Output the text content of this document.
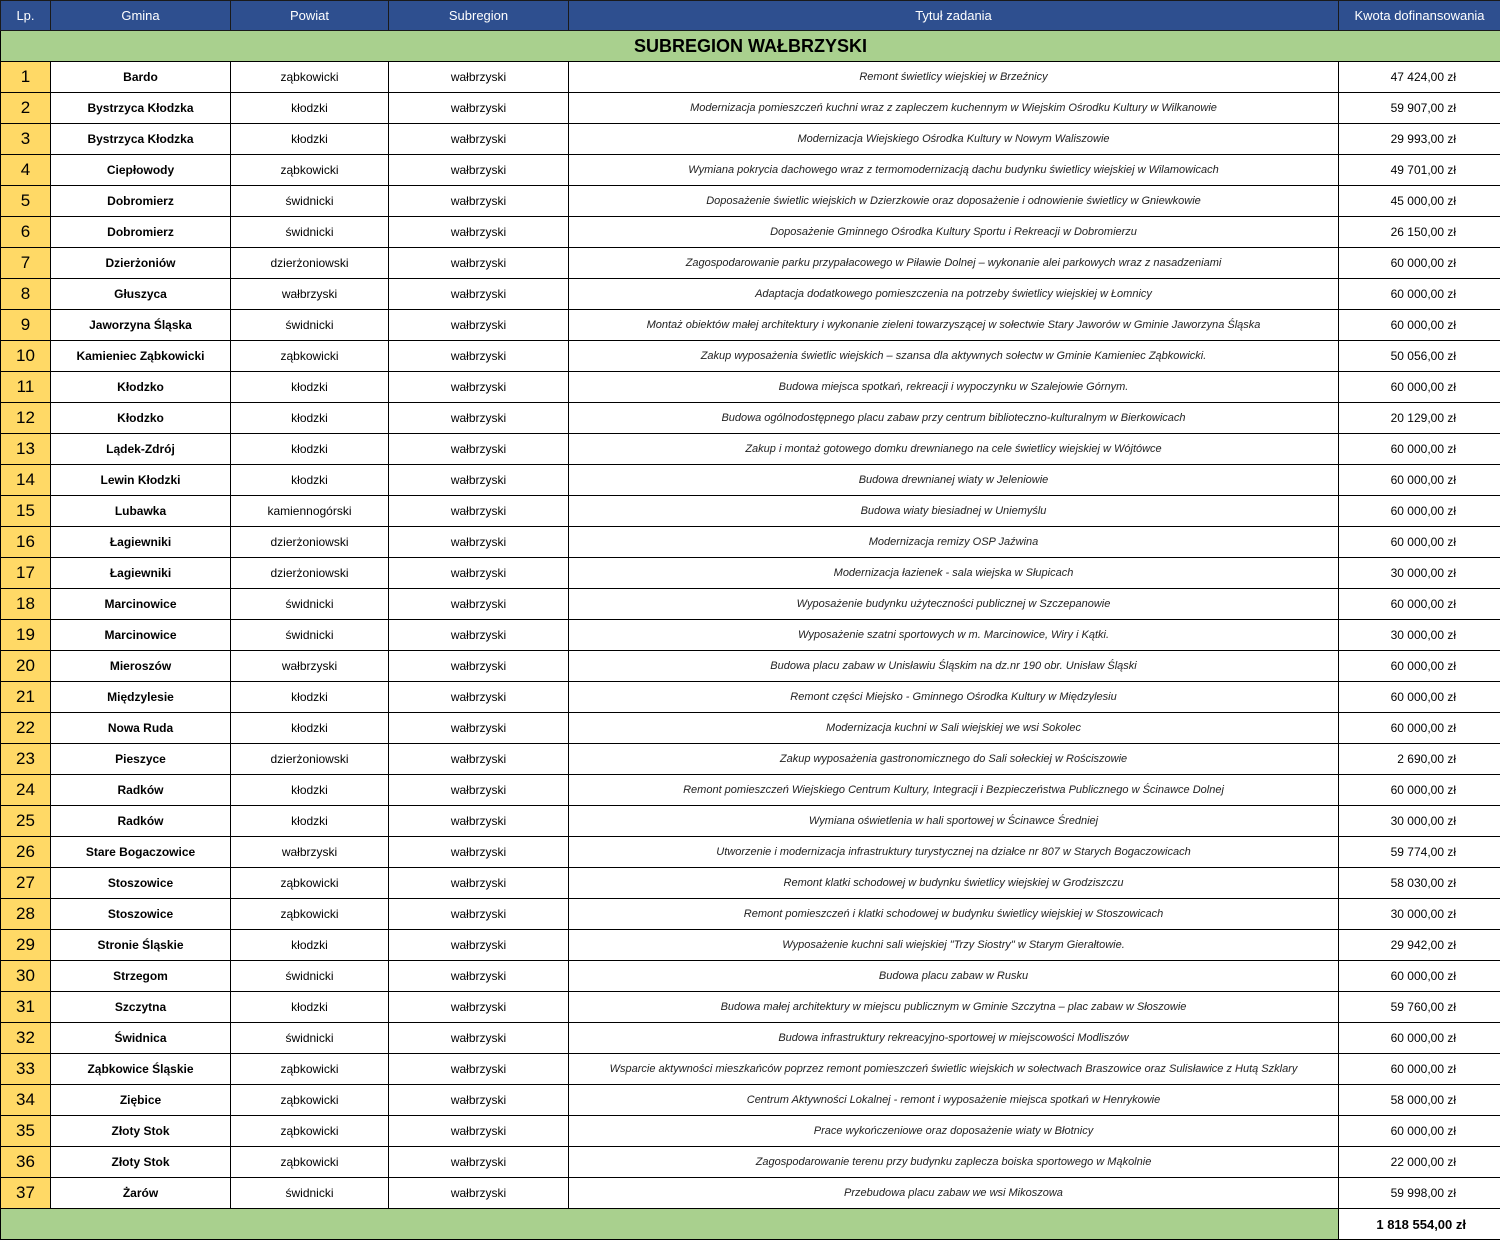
Lp.	Gmina	Powiat	Subregion	Tytuł zadania	Kwota dofinansowania
SUBREGION WAŁBRZYSKI					
1	Bardo	ząbkowicki	wałbrzyski	Remont świetlicy wiejskiej w Brzeźnicy	47 424,00 zł
2	Bystrzyca Kłodzka	kłodzki	wałbrzyski	Modernizacja pomieszczeń kuchni wraz z zapleczem kuchennym w Wiejskim Ośrodku Kultury w Wilkanowie	59 907,00 zł
3	Bystrzyca Kłodzka	kłodzki	wałbrzyski	Modernizacja Wiejskiego Ośrodka Kultury w Nowym Waliszowie	29 993,00 zł
4	Ciepłowody	ząbkowicki	wałbrzyski	Wymiana pokrycia dachowego wraz z termomodernizacją dachu budynku świetlicy wiejskiej w Wilamowicach	49 701,00 zł
5	Dobromierz	świdnicki	wałbrzyski	Doposażenie świetlic wiejskich w Dzierzkowie oraz doposażenie i odnowienie świetlicy w Gniewkowie	45 000,00 zł
6	Dobromierz	świdnicki	wałbrzyski	Doposażenie Gminnego Ośrodka Kultury Sportu i Rekreacji w Dobromierzu	26 150,00 zł
7	Dzierżoniów	dzierżoniowski	wałbrzyski	Zagospodarowanie parku przypałacowego w Piławie Dolnej – wykonanie alei parkowych wraz z nasadzeniami	60 000,00 zł
8	Głuszyca	wałbrzyski	wałbrzyski	Adaptacja dodatkowego pomieszczenia na potrzeby świetlicy wiejskiej w Łomnicy	60 000,00 zł
9	Jaworzyna Śląska	świdnicki	wałbrzyski	Montaż obiektów małej architektury i wykonanie zieleni towarzyszącej w sołectwie Stary Jaworów w Gminie Jaworzyna Śląska	60 000,00 zł
10	Kamieniec Ząbkowicki	ząbkowicki	wałbrzyski	Zakup wyposażenia świetlic wiejskich – szansa dla aktywnych sołectw w Gminie Kamieniec Ząbkowicki.	50 056,00 zł
11	Kłodzko	kłodzki	wałbrzyski	Budowa miejsca spotkań, rekreacji i wypoczynku w Szalejowie Górnym.	60 000,00 zł
12	Kłodzko	kłodzki	wałbrzyski	Budowa ogólnodostępnego placu zabaw przy centrum biblioteczno-kulturalnym w Bierkowicach	20 129,00 zł
13	Lądek-Zdrój	kłodzki	wałbrzyski	Zakup i montaż gotowego domku drewnianego na cele świetlicy wiejskiej w Wójtówce	60 000,00 zł
14	Lewin Kłodzki	kłodzki	wałbrzyski	Budowa drewnianej wiaty w Jeleniowie	60 000,00 zł
15	Lubawka	kamiennogórski	wałbrzyski	Budowa wiaty biesiadnej w Uniemyślu	60 000,00 zł
16	Łagiewniki	dzierżoniowski	wałbrzyski	Modernizacja remizy OSP Jaźwina	60 000,00 zł
17	Łagiewniki	dzierżoniowski	wałbrzyski	Modernizacja łazienek - sala wiejska w Słupicach	30 000,00 zł
18	Marcinowice	świdnicki	wałbrzyski	Wyposażenie budynku użyteczności publicznej w Szczepanowie	60 000,00 zł
19	Marcinowice	świdnicki	wałbrzyski	Wyposażenie szatni sportowych w m. Marcinowice, Wiry i Kątki.	30 000,00 zł
20	Mieroszów	wałbrzyski	wałbrzyski	Budowa placu zabaw w Unisławiu Śląskim na dz.nr 190 obr. Unisław Śląski	60 000,00 zł
21	Międzylesie	kłodzki	wałbrzyski	Remont części Miejsko - Gminnego Ośrodka Kultury w Międzylesiu	60 000,00 zł
22	Nowa Ruda	kłodzki	wałbrzyski	Modernizacja kuchni w Sali wiejskiej we wsi Sokolec	60 000,00 zł
23	Pieszyce	dzierżoniowski	wałbrzyski	Zakup wyposażenia gastronomicznego do Sali sołeckiej w Rościszowie	2 690,00 zł
24	Radków	kłodzki	wałbrzyski	Remont pomieszczeń Wiejskiego Centrum Kultury, Integracji i Bezpieczeństwa Publicznego w Ścinawce Dolnej	60 000,00 zł
25	Radków	kłodzki	wałbrzyski	Wymiana oświetlenia w hali sportowej w Ścinawce Średniej	30 000,00 zł
26	Stare Bogaczowice	wałbrzyski	wałbrzyski	Utworzenie i modernizacja infrastruktury turystycznej na działce nr 807 w Starych Bogaczowicach	59 774,00 zł
27	Stoszowice	ząbkowicki	wałbrzyski	Remont klatki schodowej w budynku świetlicy wiejskiej w Grodziszczu	58 030,00 zł
28	Stoszowice	ząbkowicki	wałbrzyski	Remont pomieszczeń i klatki schodowej w budynku świetlicy wiejskiej w Stoszowicach	30 000,00 zł
29	Stronie Śląskie	kłodzki	wałbrzyski	Wyposażenie kuchni sali wiejskiej "Trzy Siostry" w Starym Gierałtowie.	29 942,00 zł
30	Strzegom	świdnicki	wałbrzyski	Budowa placu zabaw w Rusku	60 000,00 zł
31	Szczytna	kłodzki	wałbrzyski	Budowa małej architektury w miejscu publicznym w Gminie Szczytna – plac zabaw w Słoszowie	59 760,00 zł
32	Świdnica	świdnicki	wałbrzyski	Budowa infrastruktury rekreacyjno-sportowej w miejscowości Modliszów	60 000,00 zł
33	Ząbkowice Śląskie	ząbkowicki	wałbrzyski	Wsparcie aktywności mieszkańców poprzez remont pomieszczeń świetlic wiejskich w sołectwach Braszowice oraz Sulisławice z Hutą Szklary	60 000,00 zł
34	Ziębice	ząbkowicki	wałbrzyski	Centrum Aktywności Lokalnej - remont i wyposażenie miejsca spotkań w Henrykowie	58 000,00 zł
35	Złoty Stok	ząbkowicki	wałbrzyski	Prace wykończeniowe oraz doposażenie wiaty w Błotnicy	60 000,00 zł
36	Złoty Stok	ząbkowicki	wałbrzyski	Zagospodarowanie terenu przy budynku zaplecza boiska sportowego w Mąkolnie	22 000,00 zł
37	Żarów	świdnicki	wałbrzyski	Przebudowa placu zabaw we wsi Mikoszowa	59 998,00 zł
					1 818 554,00 zł
